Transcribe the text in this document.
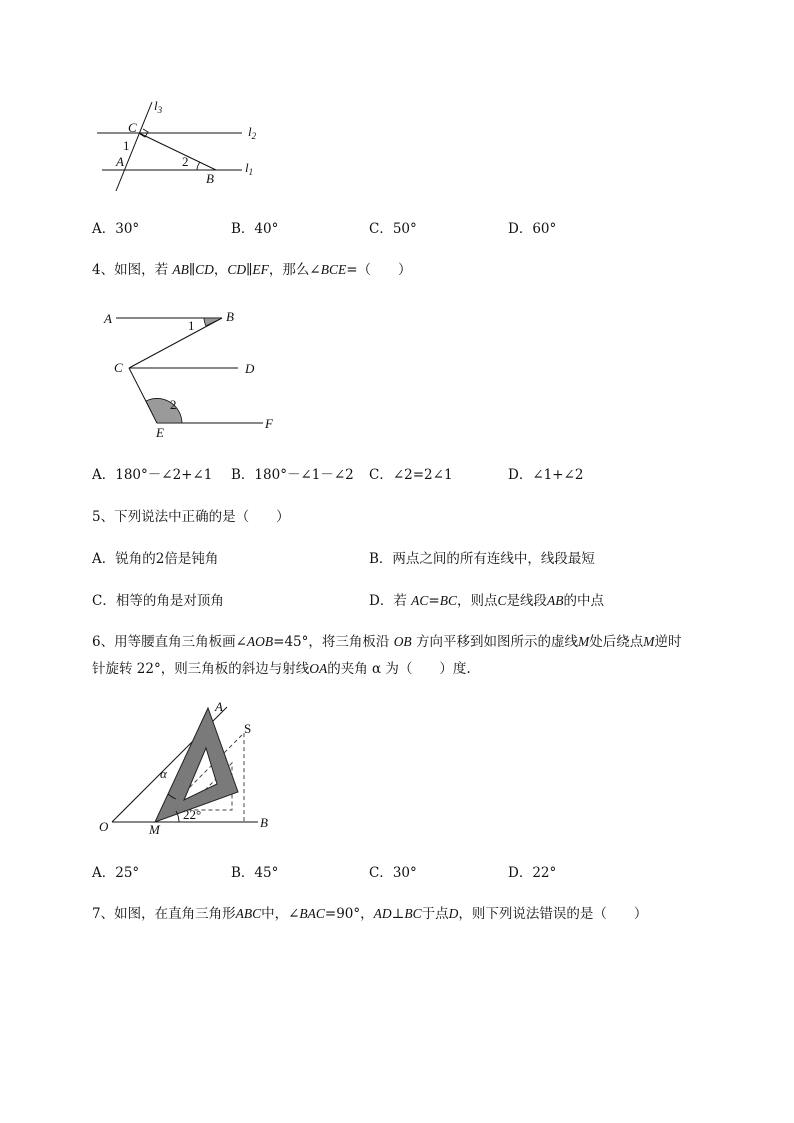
$l_3$
$l_2$
$l_1$
C
A
B
1
2
A．30°	B．40°	C．50°	D．60°
4、如图，若 AB∥CD，CD∥EF，那么∠BCE=（　　）
A	B
C	D
E
F
1
2
A．180°－∠2+∠1 B．180°－∠1－∠2 C．∠2=2∠1	D．∠1+∠2
5、下列说法中正确的是（　　）
A．锐角的2倍是钝角	B．两点之间的所有连线中，线段最短
C．相等的角是对顶角	D．若 AC=BC，则点C是线段AB的中点
6、用等腰直角三角板画∠AOB=45°，将三角板沿 OB 方向平移到如图所示的虚线M处后绕点M逆时
针旋转 22°，则三角板的斜边与射线OA的夹角 α 为（　　）度.
α
22°
A
S
O	M	B
A．25°	B．45°	C．30°	D．22°
7、如图，在直角三角形ABC中，∠BAC=90°，AD⊥BC于点D，则下列说法错误的是（　　）
